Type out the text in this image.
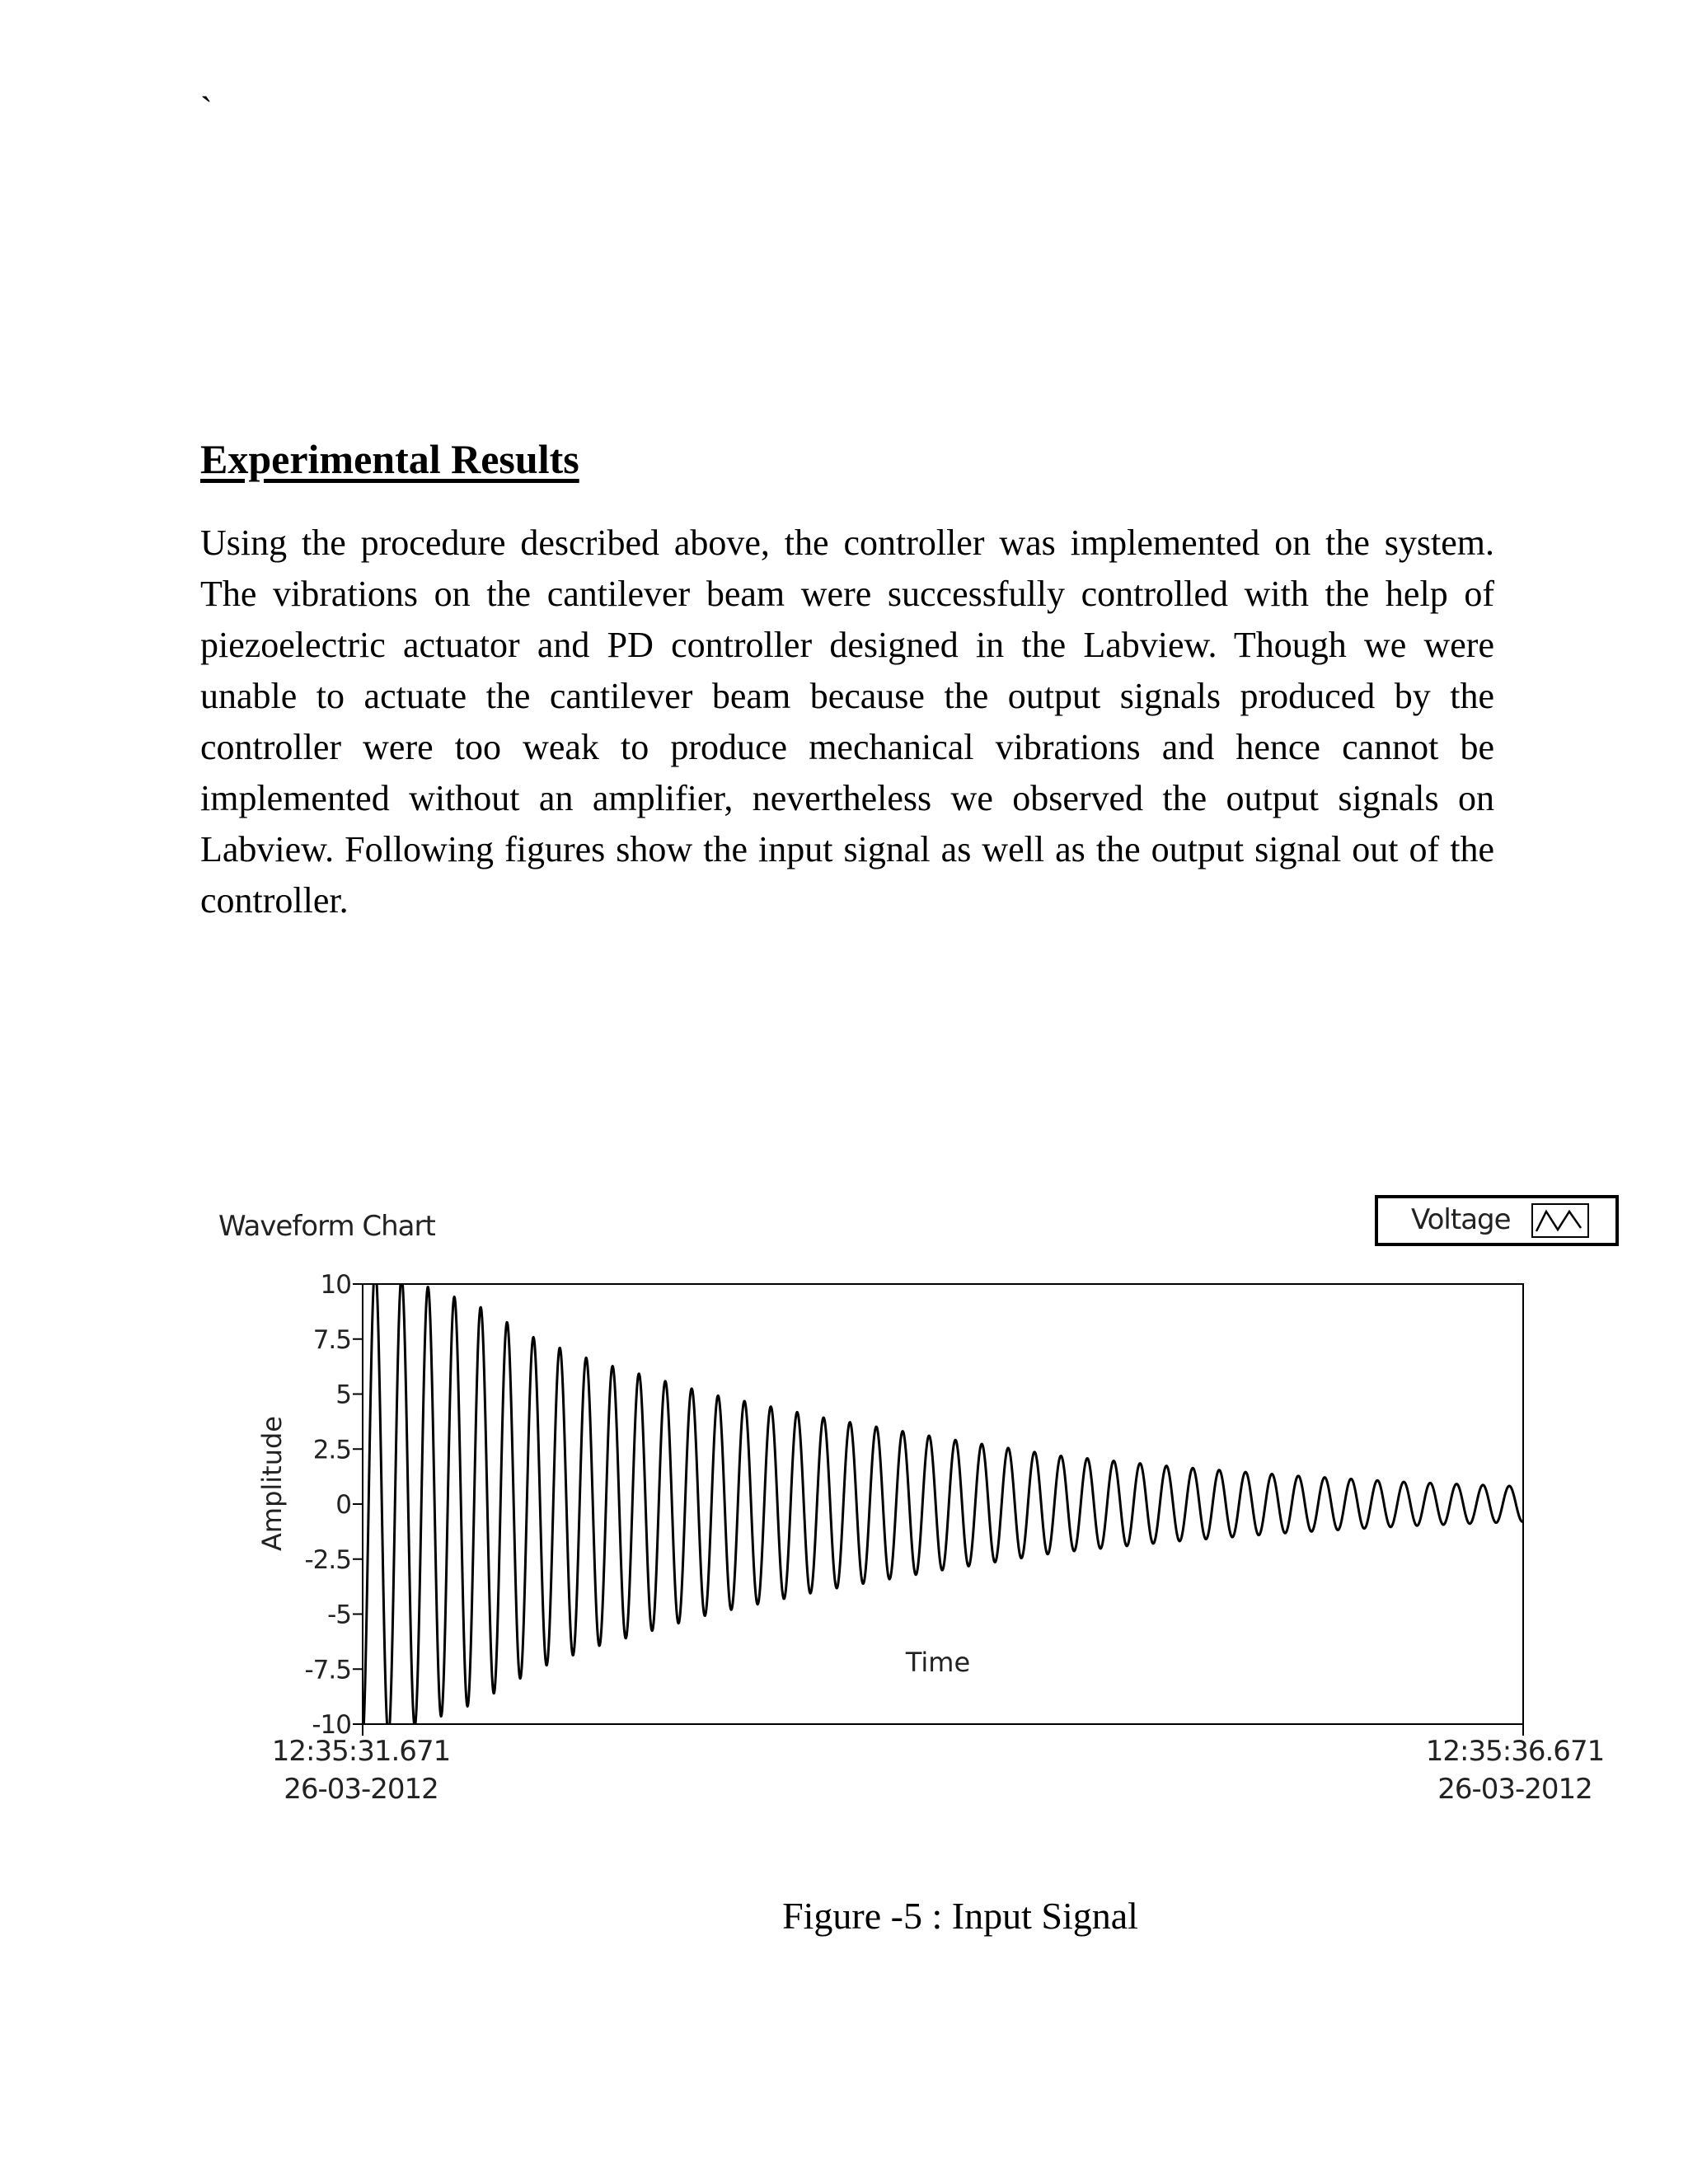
`
Experimental Results

Using the procedure described above, the controller was implemented on the system. The vibrations on the cantilever beam were successfully controlled with the help of piezoelectric actuator and PD controller designed in the Labview. Though we were unable to actuate the cantilever beam because the output signals produced by the controller were too weak to produce mechanical vibrations and hence cannot be implemented without an amplifier, nevertheless we observed the output signals on Labview. Following figures show the input signal as well as the output signal out of the controller.

Waveform Chart	Voltage
Amplitude
10
7.5
5
2.5
0
-2.5
-5
-7.5
-10
12:35:31.671
26-03-2012
12:35:36.671
26-03-2012
Time
Figure -5 : Input Signal
